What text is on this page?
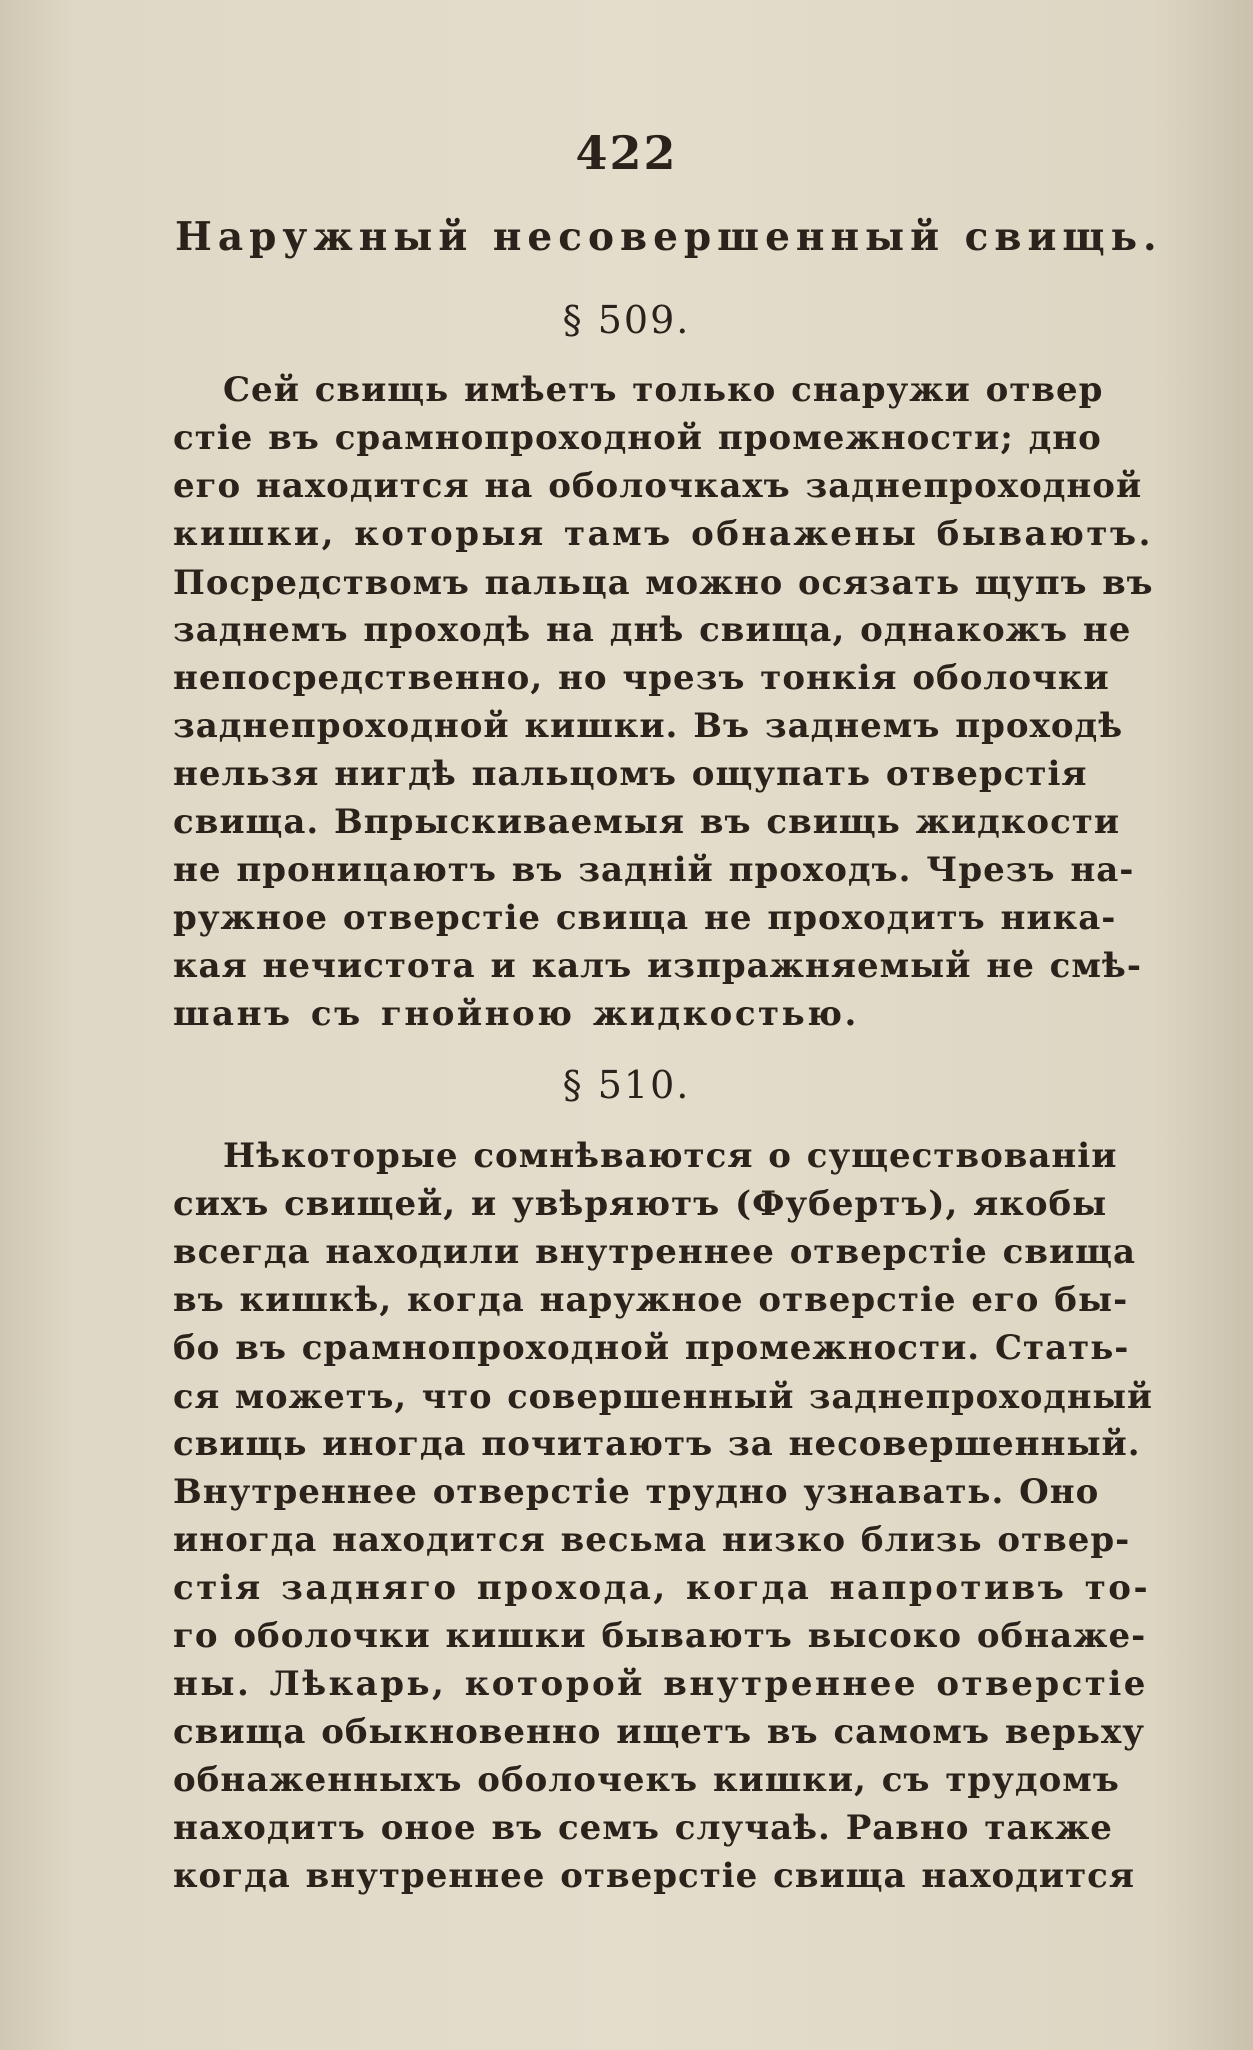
422
Наружный несовершенный свищь.
§ 509.
Сей свищь имѣетъ только снаружи отвер
стіе въ срамнопроходной промежности; дно
его находится на оболочкахъ заднепроходной
кишки, которыя тамъ обнажены бываютъ.
Посредствомъ пальца можно осязать щупъ въ
заднемъ проходѣ на днѣ свища, однакожъ не
непосредственно, но чрезъ тонкія оболочки
заднепроходной кишки. Въ заднемъ проходѣ
нельзя нигдѣ пальцомъ ощупать отверстія
свища. Впрыскиваемыя въ свищь жидкости
не проницаютъ въ задній проходъ. Чрезъ на-
ружное отверстіе свища не проходитъ ника-
кая нечистота и калъ изпражняемый не смѣ-
шанъ съ гнойною жидкостью.
§ 510.
Нѣкоторые сомнѣваются о существованіи
сихъ свищей, и увѣряютъ (Фубертъ), якобы
всегда находили внутреннее отверстіе свища
въ кишкѣ, когда наружное отверстіе его бы-
бо въ срамнопроходной промежности. Стать-
ся можетъ, что совершенный заднепроходный
свищь иногда почитаютъ за несовершенный.
Внутреннее отверстіе трудно узнавать. Оно
иногда находится весьма низко близь отвер-
стія задняго прохода, когда напротивъ то-
го оболочки кишки бываютъ высоко обнаже-
ны. Лѣкарь, которой внутреннее отверстіе
свища обыкновенно ищетъ въ самомъ верьху
обнаженныхъ оболочекъ кишки, съ трудомъ
находитъ оное въ семъ случаѣ. Равно также
когда внутреннее отверстіе свища находится
